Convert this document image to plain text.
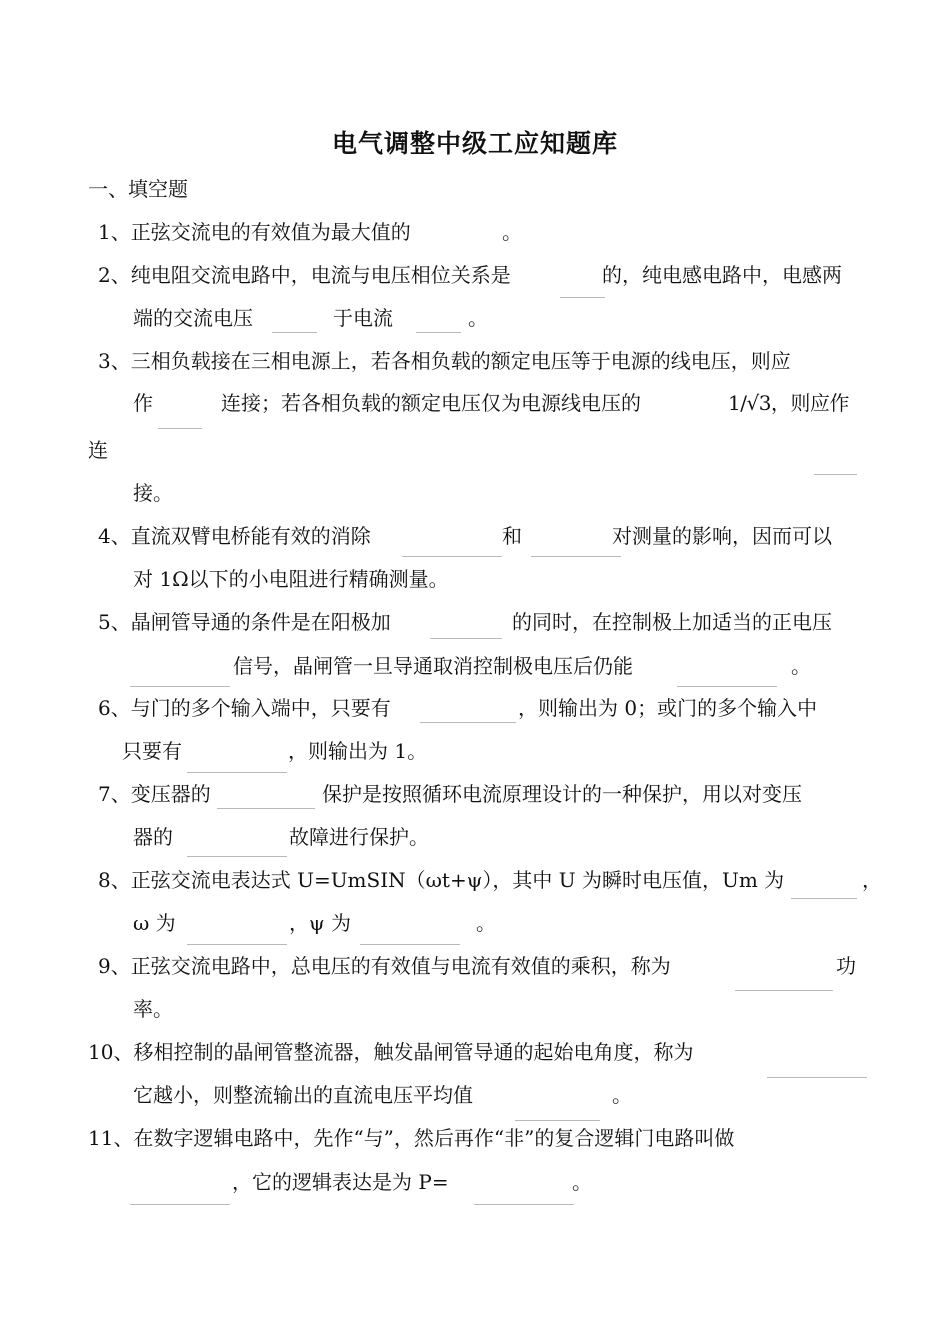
电气调整中级工应知题库
一、填空题
1、正弦交流电的有效值为最大值的	。
2、纯电阻交流电路中，电流与电压相位关系是	的，纯电感电路中，电感两
端的交流电压	于电流	。
3、三相负载接在三相电源上，若各相负载的额定电压等于电源的线电压，则应
作	连接；若各相负载的额定电压仅为电源线电压的	1/√3，则应作
连
接。
4、直流双臂电桥能有效的消除	和	对测量的影响，因而可以
对 1Ω以下的小电阻进行精确测量。
5、晶闸管导通的条件是在阳极加	的同时，在控制极上加适当的正电压
信号，晶闸管一旦导通取消控制极电压后仍能	。
6、与门的多个输入端中，只要有	，则输出为 0；或门的多个输入中
只要有	，则输出为 1。
7、变压器的	保护是按照循环电流原理设计的一种保护，用以对变压
器的	故障进行保护。
8、正弦交流电表达式 U=UmSIN（ωt+ψ），其中 U 为瞬时电压值，Um 为	，
ω 为	，ψ 为	。
9、正弦交流电路中，总电压的有效值与电流有效值的乘积，称为	功
率。
10、移相控制的晶闸管整流器，触发晶闸管导通的起始电角度，称为
它越小，则整流输出的直流电压平均值	。
11、在数字逻辑电路中，先作“与”，然后再作“非”的复合逻辑门电路叫做
，它的逻辑表达是为 P=	。
